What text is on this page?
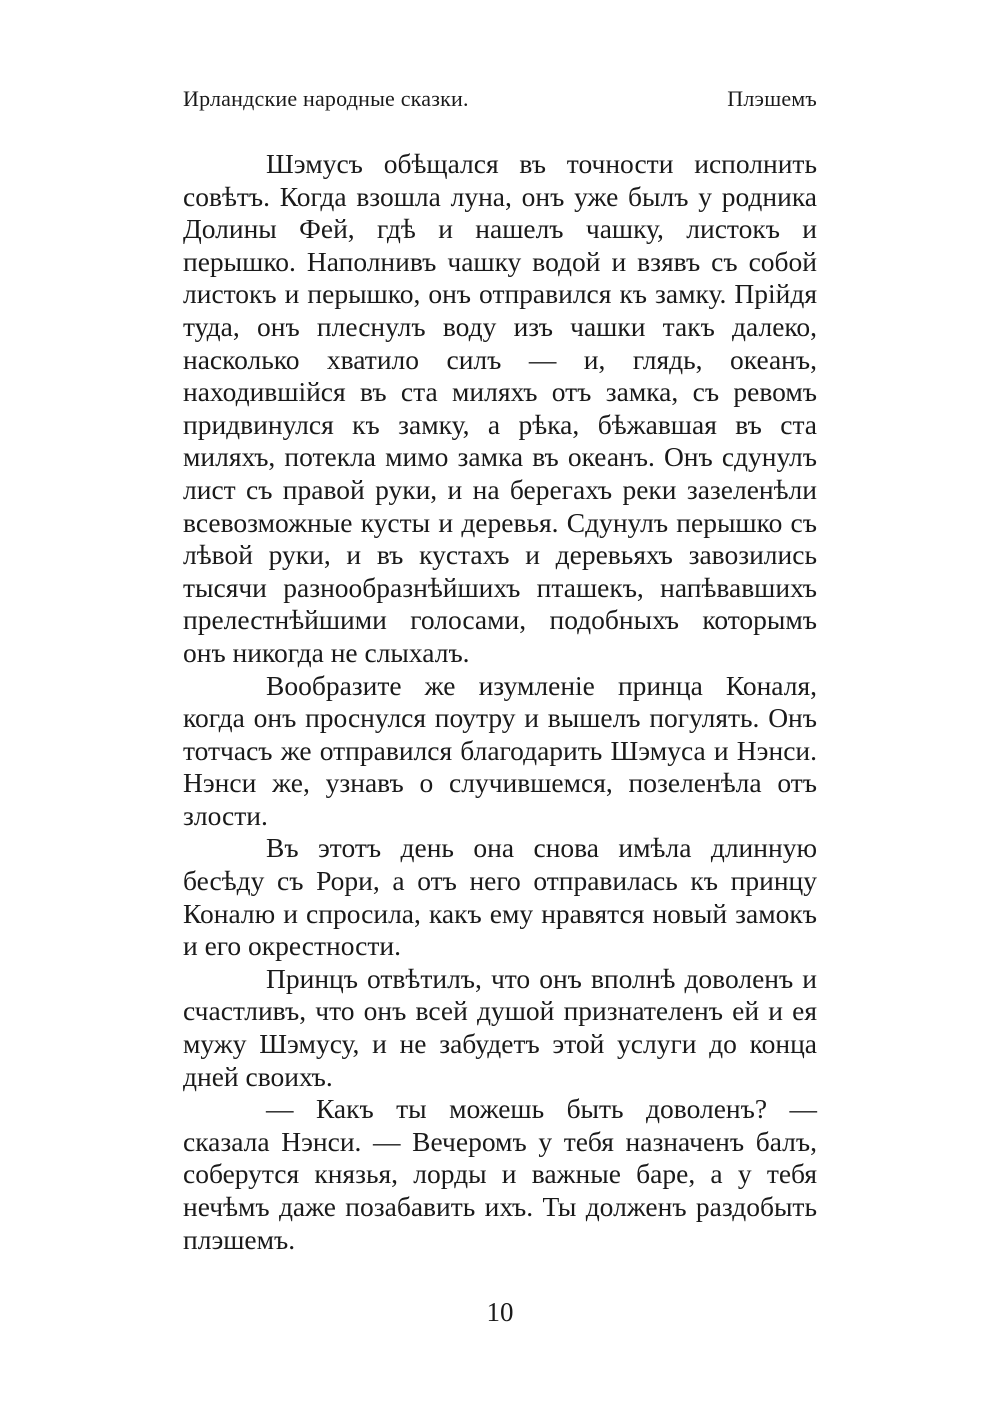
Ирландские народные сказки.	Плэшемъ

Шэмусъ обѣщался въ точности исполнить совѣтъ. Когда взошла луна, онъ уже былъ у родника Долины Фей, гдѣ и нашелъ чашку, листокъ и перышко. Наполнивъ чашку водой и взявъ съ собой листокъ и перышко, онъ отправился къ замку. Прійдя туда, онъ плеснулъ воду изъ чашки такъ далеко, насколько хватило силъ — и, глядь, океанъ, находившійся въ ста миляхъ отъ замка, съ ревомъ придвинулся къ замку, а рѣка, бѣжавшая въ ста миляхъ, потекла мимо замка въ океанъ. Онъ сдунулъ лист съ правой руки, и на берегахъ реки зазеленѣли всевозможные кусты и деревья. Сдунулъ перышко съ лѣвой руки, и въ кустахъ и деревьяхъ завозились тысячи разнообразнѣйшихъ пташекъ, напѣвавшихъ прелестнѣйшими голосами, подобныхъ которымъ онъ никогда не слыхалъ.

Вообразите же изумленіе принца Коналя, когда онъ проснулся поутру и вышелъ погулять. Онъ тотчасъ же отправился благодарить Шэмуса и Нэнси. Нэнси же, узнавъ о случившемся, позеленѣла отъ злости.

Въ этотъ день она снова имѣла длинную бесѣду съ Рори, а отъ него отправилась къ принцу Коналю и спросила, какъ ему нравятся новый замокъ и его окрестности.

Принцъ отвѣтилъ, что онъ вполнѣ доволенъ и счастливъ, что онъ всей душой признателенъ ей и ея мужу Шэмусу, и не забудетъ этой услуги до конца дней своихъ.

— Какъ ты можешь быть доволенъ? — сказала Нэнси. — Вечеромъ у тебя назначенъ балъ, соберутся князья, лорды и важные баре, а у тебя нечѣмъ даже позабавить ихъ. Ты долженъ раздобыть плэшемъ.

10
